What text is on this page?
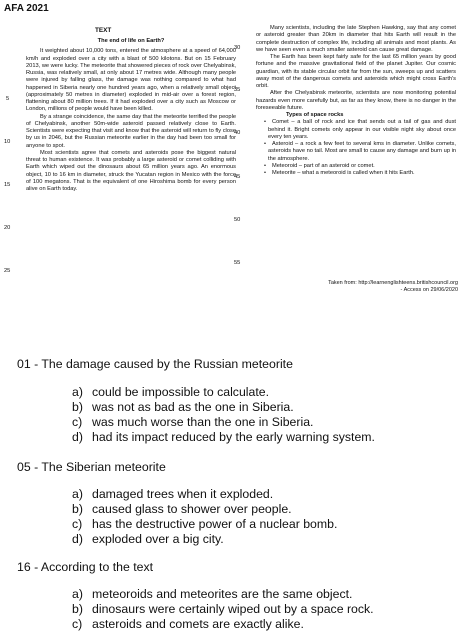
AFA 2021
TEXT

The end of life on Earth?

It weighted about 10,000 tons, entered the atmosphere at a speed of 64,000 km/h and exploded over a city with a blast of 500 kilotons. But on 15 February 2013, we were lucky. The meteorite that showered pieces of rock over Chelyabinsk, Russia, was relatively small, at only about 17 metres wide. Although many people were injured by falling glass, the damage was nothing compared to what had happened in Siberia nearly one hundred years ago, when a relatively small object (approximately 50 metres in diameter) exploded in mid-air over a forest region, flattening about 80 million trees. If it had exploded over a city such as Moscow or London, millions of people would have been killed.

By a strange coincidence, the same day that the meteorite terrified the people of Chelyabinsk, another 50m-wide asteroid passed relatively close to Earth. Scientists were expecting that visit and know that the asteroid will return to fly close by us in 2046, but the Russian meteorite earlier in the day had been too small for anyone to spot.

Most scientists agree that comets and asteroids pose the biggest natural threat to human existence. It was probably a large asteroid or comet colliding with Earth which wiped out the dinosaurs about 65 million years ago. An enormous object, 10 to 16 km in diameter, struck the Yucatan region in Mexico with the force of 100 megatons. That is the equivalent of one Hiroshima bomb for every person alive on Earth today.

Many scientists, including the late Stephen Hawking, say that any comet or asteroid greater than 20km in diameter that hits Earth will result in the complete destruction of complex life, including all animals and most plants. As we have seen even a much smaller asteroid can cause great damage.

The Earth has been kept fairly safe for the last 65 million years by good fortune and the massive gravitational field of the planet Jupiter. Our cosmic guardian, with its stable circular orbit far from the sun, sweeps up and scatters away most of the dangerous comets and asteroids which might cross Earth's orbit.

After the Chelyabinsk meteorite, scientists are now monitoring potential hazards even more carefully but, as far as they know, there is no danger in the foreseeable future.

Types of space rocks

• Comet – a ball of rock and ice that sends out a tail of gas and dust behind it. Bright comets only appear in our visible night sky about once every ten years.

• Asteroid – a rock a few feet to several kms in diameter. Unlike comets, asteroids have no tail. Most are small to cause any damage and burn up in the atmosphere.

• Meteoroid – part of an asteroid or comet.

• Meteorite – what a meteoroid is called when it hits Earth.

5
10
15
20
25
30
35
40
45
50
55
Taken from: http://learnenglishteens.britishcouncil.org
- Access on 29/06/2020
01 - The damage caused by the Russian meteorite
a) could be impossible to calculate.
b) was not as bad as the one in Siberia.
c) was much worse than the one in Siberia.
d) had its impact reduced by the early warning system.
05 - The Siberian meteorite
a) damaged trees when it exploded.
b) caused glass to shower over people.
c) has the destructive power of a nuclear bomb.
d) exploded over a big city.
16 - According to the text
a) meteoroids and meteorites are the same object.
b) dinosaurs were certainly wiped out by a space rock.
c) asteroids and comets are exactly alike.
